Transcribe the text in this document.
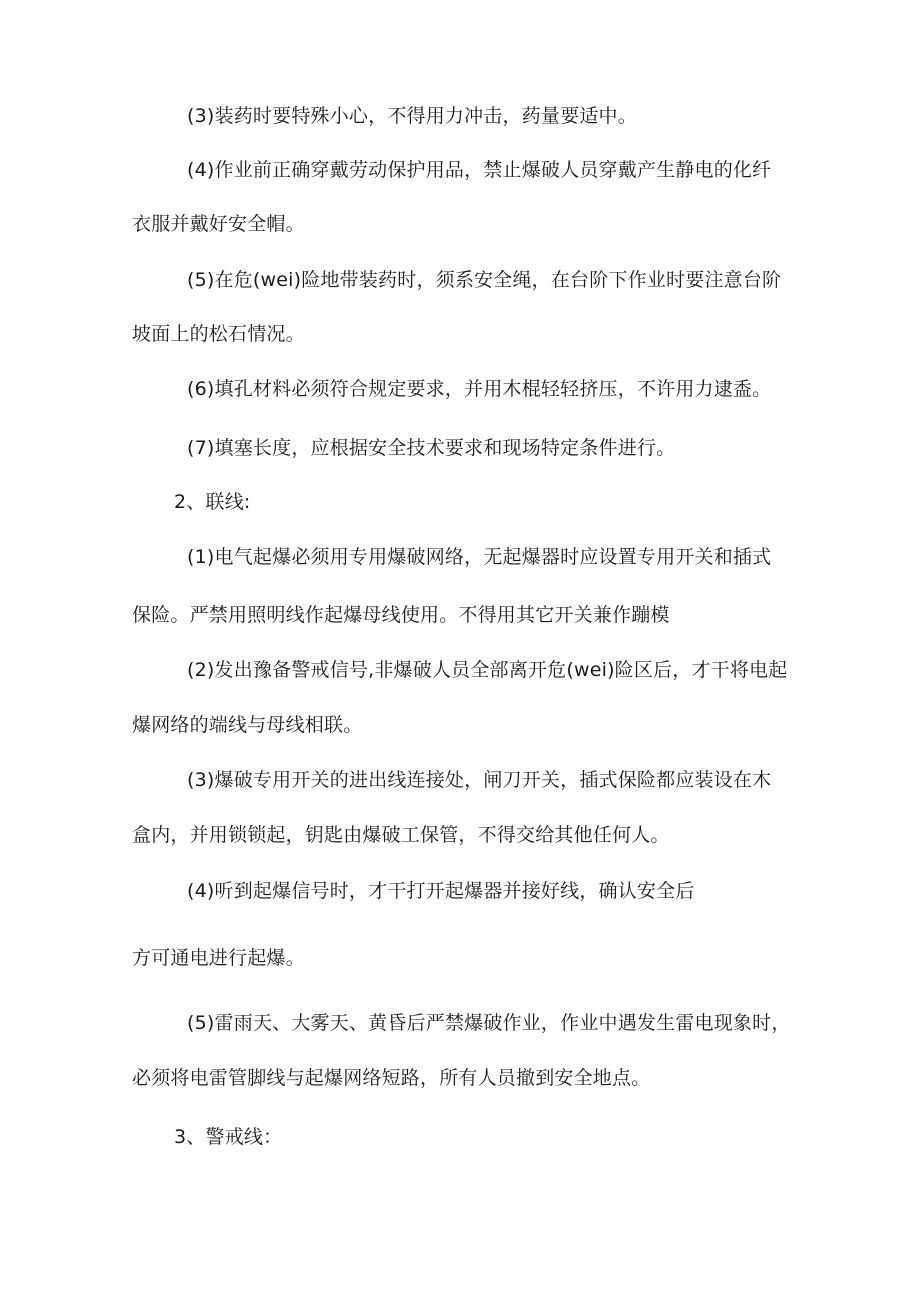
(3)装药时要特殊小心，不得用力冲击，药量要适中。
(4)作业前正确穿戴劳动保护用品，禁止爆破人员穿戴产生静电的化纤
衣服并戴好安全帽。
(5)在危(wei)险地带装药时，须系安全绳，在台阶下作业时要注意台阶
坡面上的松石情况。
(6)填孔材料必须符合规定要求，并用木棍轻轻挤压，不许用力逮盉。
(7)填塞长度，应根据安全技术要求和现场特定条件进行。
2、联线:
(1)电气起爆必须用专用爆破网络，无起爆器时应设置专用开关和插式
保险。严禁用照明线作起爆母线使用。不得用其它开关兼作蹦模
(2)发出豫备警戒信号,非爆破人员全部离开危(wei)险区后，才干将电起
爆网络的端线与母线相联。
(3)爆破专用开关的进出线连接处，闸刀开关，插式保险都应装设在木
盒内，并用锁锁起，钥匙由爆破工保管，不得交给其他任何人。
(4)听到起爆信号时，才干打开起爆器并接好线，确认安全后
方可通电进行起爆。
(5)雷雨天、大雾天、黄昏后严禁爆破作业，作业中遇发生雷电现象时，
必须将电雷管脚线与起爆网络短路，所有人员撤到安全地点。
3、警戒线：
